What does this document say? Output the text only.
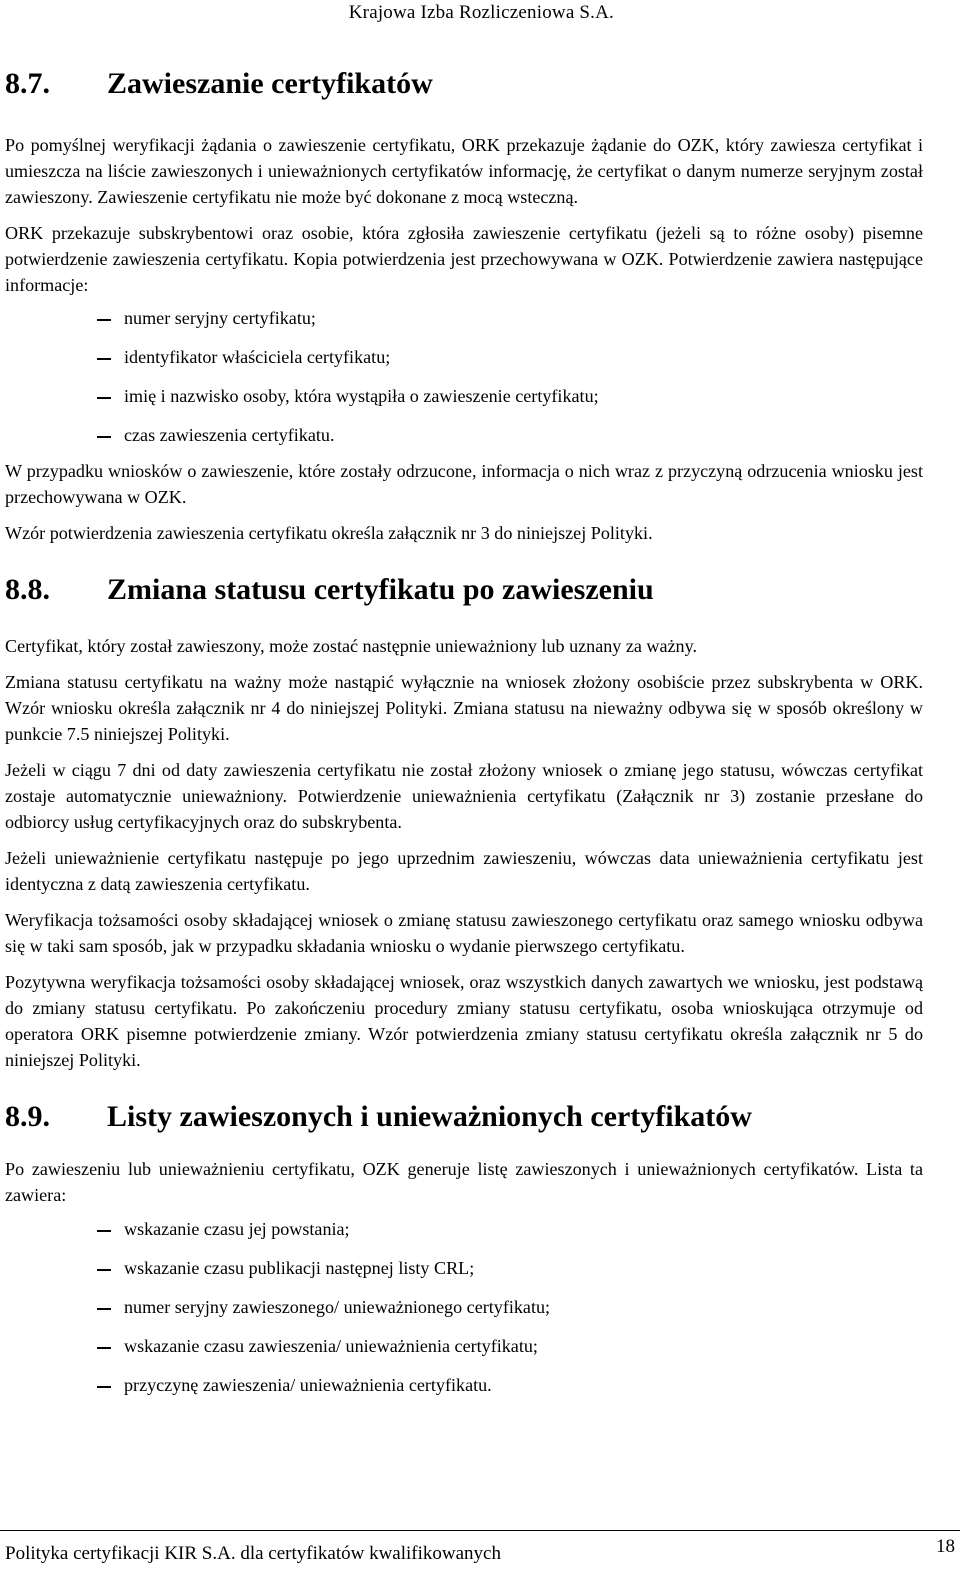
Krajowa Izba Rozliczeniowa S.A.
8.7.	Zawieszanie certyfikatów

Po pomyślnej weryfikacji żądania o zawieszenie certyfikatu, ORK przekazuje żądanie do OZK, który zawiesza certyfikat i umieszcza na liście zawieszonych i unieważnionych certyfikatów informację, że certyfikat o danym numerze seryjnym został zawieszony. Zawieszenie certyfikatu nie może być dokonane z mocą wsteczną.

ORK przekazuje subskrybentowi oraz osobie, która zgłosiła zawieszenie certyfikatu (jeżeli są to różne osoby) pisemne potwierdzenie zawieszenia certyfikatu. Kopia potwierdzenia jest przechowywana w OZK. Potwierdzenie zawiera następujące informacje:

numer seryjny certyfikatu;
identyfikator właściciela certyfikatu;
imię i nazwisko osoby, która wystąpiła o zawieszenie certyfikatu;
czas zawieszenia certyfikatu.

W przypadku wniosków o zawieszenie, które zostały odrzucone, informacja o nich wraz z przyczyną odrzucenia wniosku jest przechowywana w OZK.

Wzór potwierdzenia zawieszenia certyfikatu określa załącznik nr 3 do niniejszej Polityki.

8.8.	Zmiana statusu certyfikatu po zawieszeniu

Certyfikat, który został zawieszony, może zostać następnie unieważniony lub uznany za ważny.

Zmiana statusu certyfikatu na ważny może nastąpić wyłącznie na wniosek złożony osobiście przez subskrybenta w ORK. Wzór wniosku określa załącznik nr 4 do niniejszej Polityki. Zmiana statusu na nieważny odbywa się w sposób określony w punkcie 7.5 niniejszej Polityki.

Jeżeli w ciągu 7 dni od daty zawieszenia certyfikatu nie został złożony wniosek o zmianę jego statusu, wówczas certyfikat zostaje automatycznie unieważniony. Potwierdzenie unieważnienia certyfikatu (Załącznik nr 3) zostanie przesłane do odbiorcy usług certyfikacyjnych oraz do subskrybenta.

Jeżeli unieważnienie certyfikatu następuje po jego uprzednim zawieszeniu, wówczas data unieważnienia certyfikatu jest identyczna z datą zawieszenia certyfikatu.

Weryfikacja tożsamości osoby składającej wniosek o zmianę statusu zawieszonego certyfikatu oraz samego wniosku odbywa się w taki sam sposób, jak w przypadku składania wniosku o wydanie pierwszego certyfikatu.

Pozytywna weryfikacja tożsamości osoby składającej wniosek, oraz wszystkich danych zawartych we wniosku, jest podstawą do zmiany statusu certyfikatu. Po zakończeniu procedury zmiany statusu certyfikatu, osoba wnioskująca otrzymuje od operatora ORK pisemne potwierdzenie zmiany. Wzór potwierdzenia zmiany statusu certyfikatu określa załącznik nr 5 do niniejszej Polityki.

8.9.	Listy zawieszonych i unieważnionych certyfikatów

Po zawieszeniu lub unieważnieniu certyfikatu, OZK generuje listę zawieszonych i unieważnionych certyfikatów. Lista ta zawiera:

wskazanie czasu jej powstania;
wskazanie czasu publikacji następnej listy CRL;
numer seryjny zawieszonego/ unieważnionego certyfikatu;
wskazanie czasu zawieszenia/ unieważnienia certyfikatu;
przyczynę zawieszenia/ unieważnienia certyfikatu.
Polityka certyfikacji KIR S.A. dla certyfikatów kwalifikowanych	18
